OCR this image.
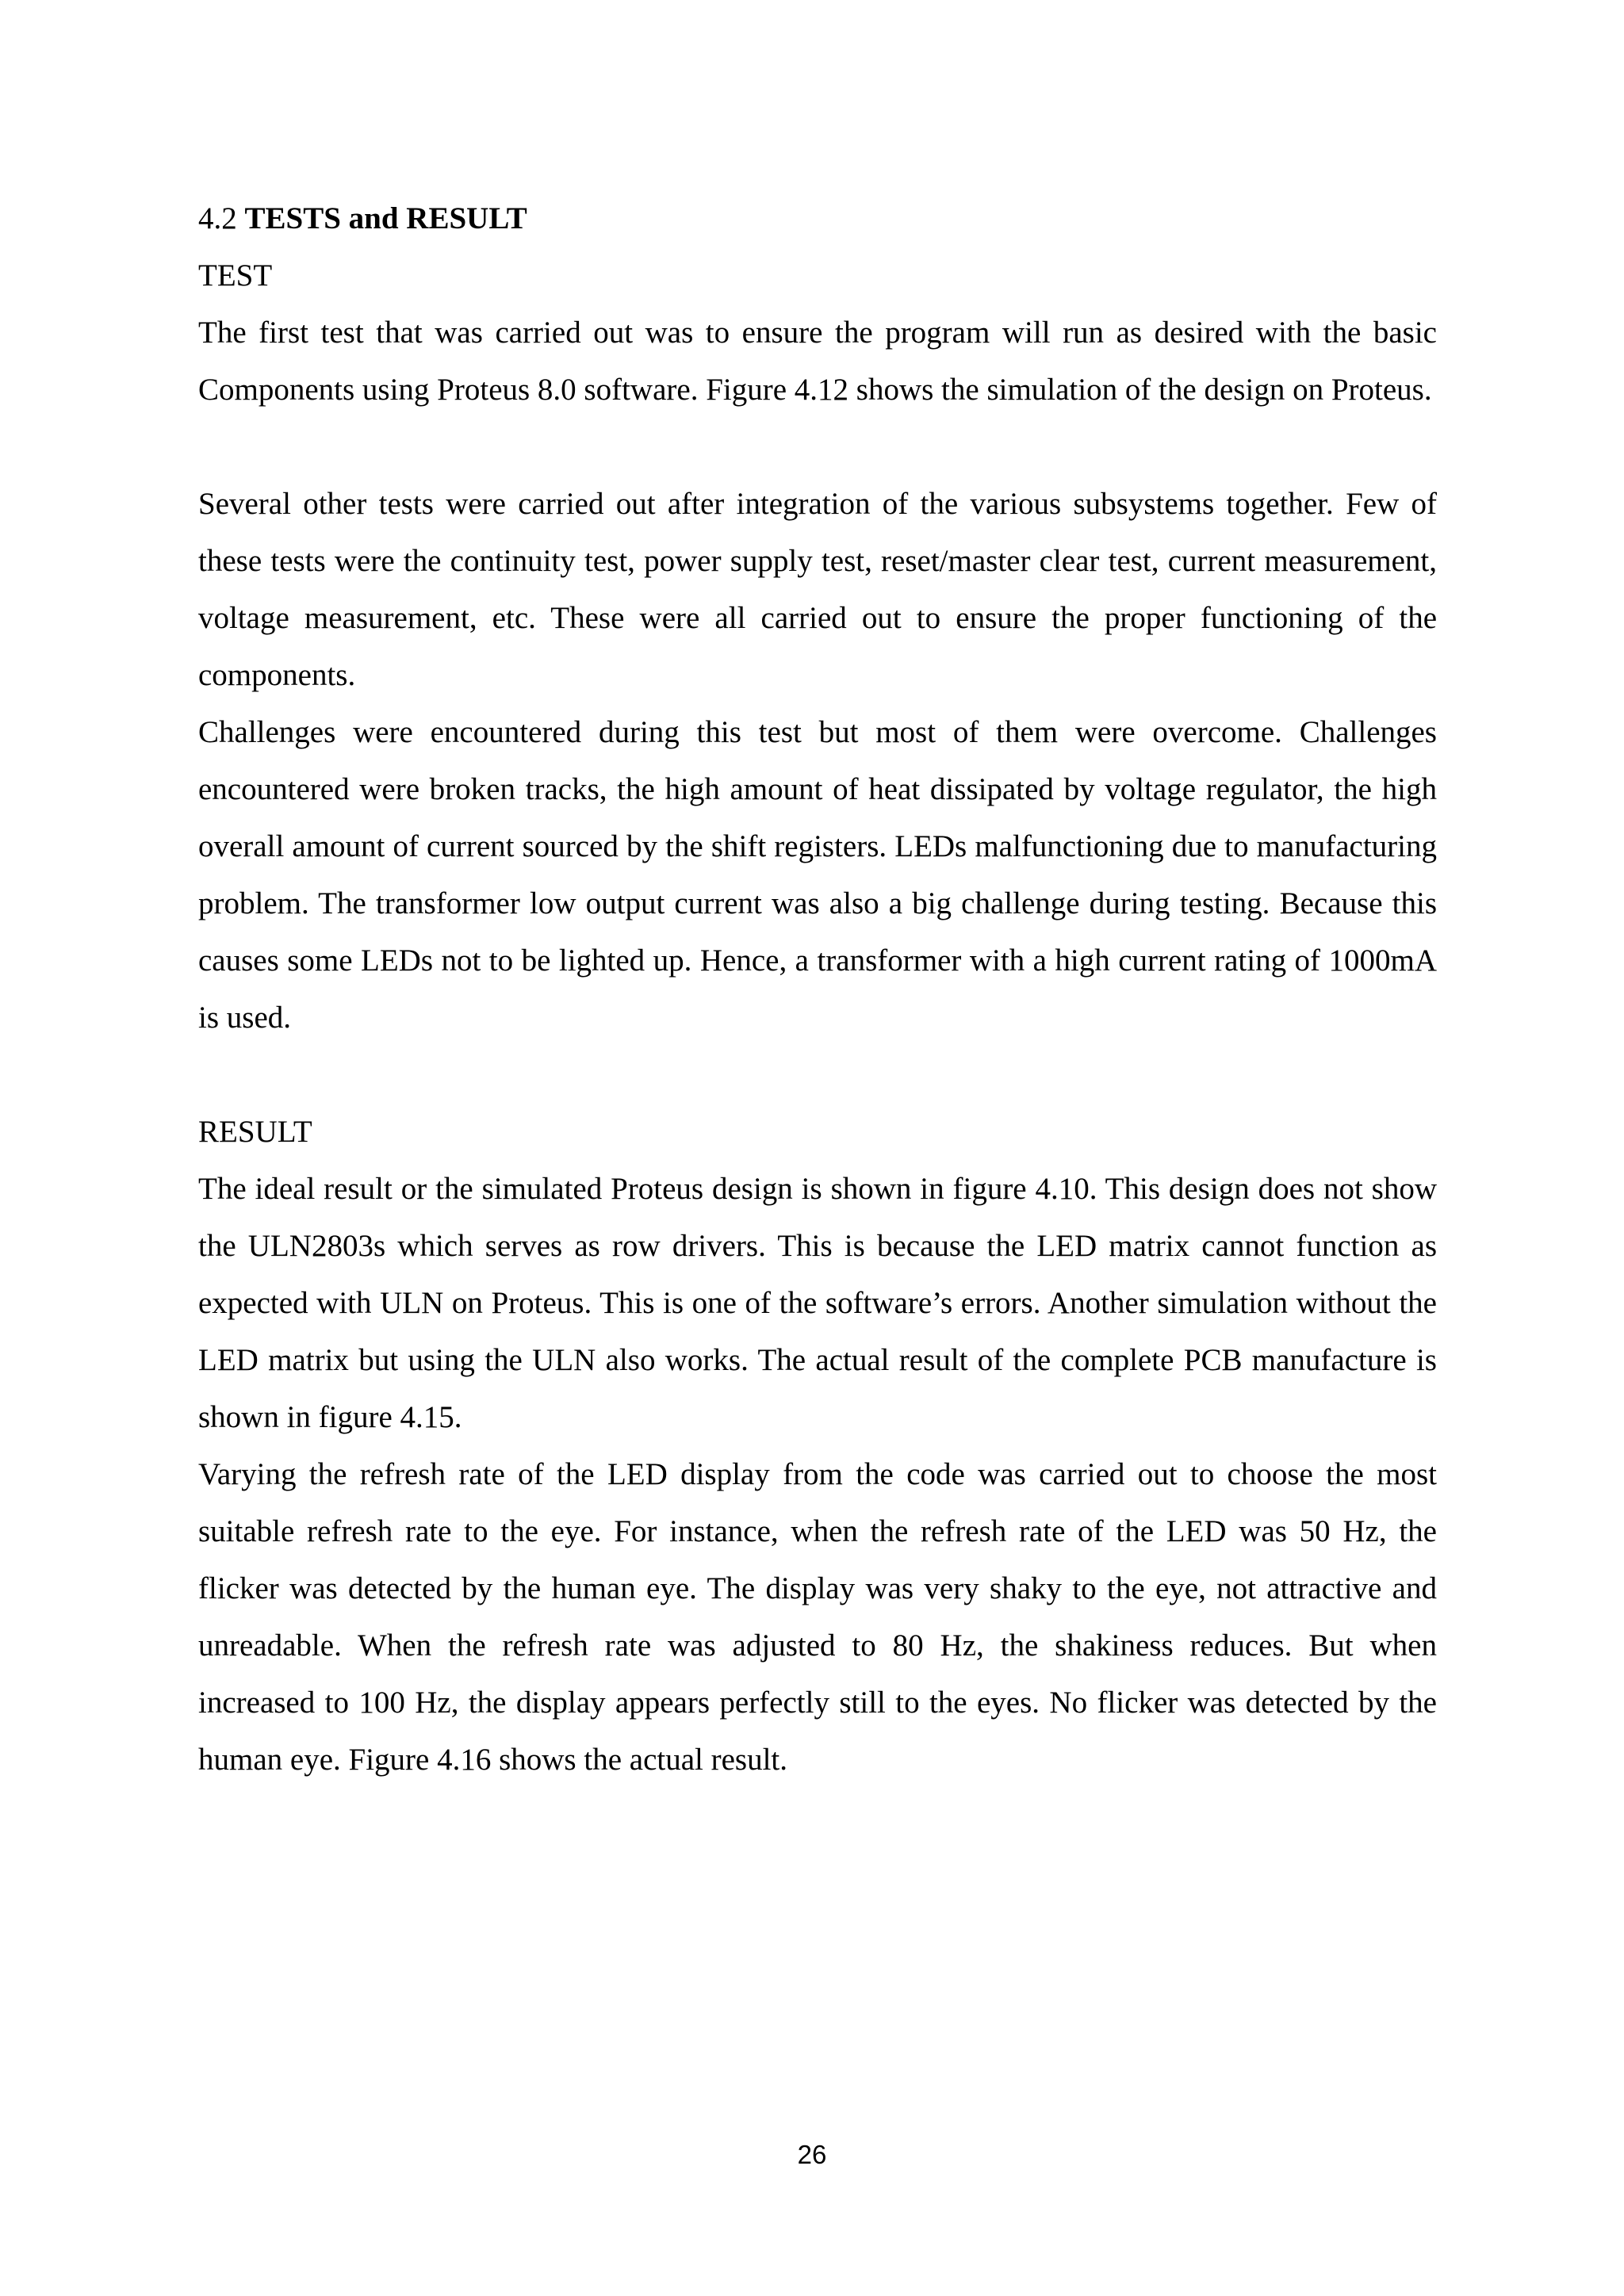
4.2 TESTS and RESULT

TEST

The first test that was carried out was to ensure the program will run as desired with the basic Components using Proteus 8.0 software. Figure 4.12 shows the simulation of the design on Proteus.

Several other tests were carried out after integration of the various subsystems together. Few of these tests were the continuity test, power supply test, reset/master clear test, current measurement, voltage measurement, etc. These were all carried out to ensure the proper functioning of the components.

Challenges were encountered during this test but most of them were overcome. Challenges encountered were broken tracks, the high amount of heat dissipated by voltage regulator, the high overall amount of current sourced by the shift registers. LEDs malfunctioning due to manufacturing problem. The transformer low output current was also a big challenge during testing. Because this causes some LEDs not to be lighted up. Hence, a transformer with a high current rating of 1000mA is used.

RESULT

The ideal result or the simulated Proteus design is shown in figure 4.10. This design does not show the ULN2803s which serves as row drivers. This is because the LED matrix cannot function as expected with ULN on Proteus. This is one of the software’s errors. Another simulation without the LED matrix but using the ULN also works. The actual result of the complete PCB manufacture is shown in figure 4.15.

Varying the refresh rate of the LED display from the code was carried out to choose the most suitable refresh rate to the eye. For instance, when the refresh rate of the LED was 50 Hz, the flicker was detected by the human eye. The display was very shaky to the eye, not attractive and unreadable. When the refresh rate was adjusted to 80 Hz, the shakiness reduces. But when increased to 100 Hz, the display appears perfectly still to the eyes. No flicker was detected by the human eye. Figure 4.16 shows the actual result.

26
